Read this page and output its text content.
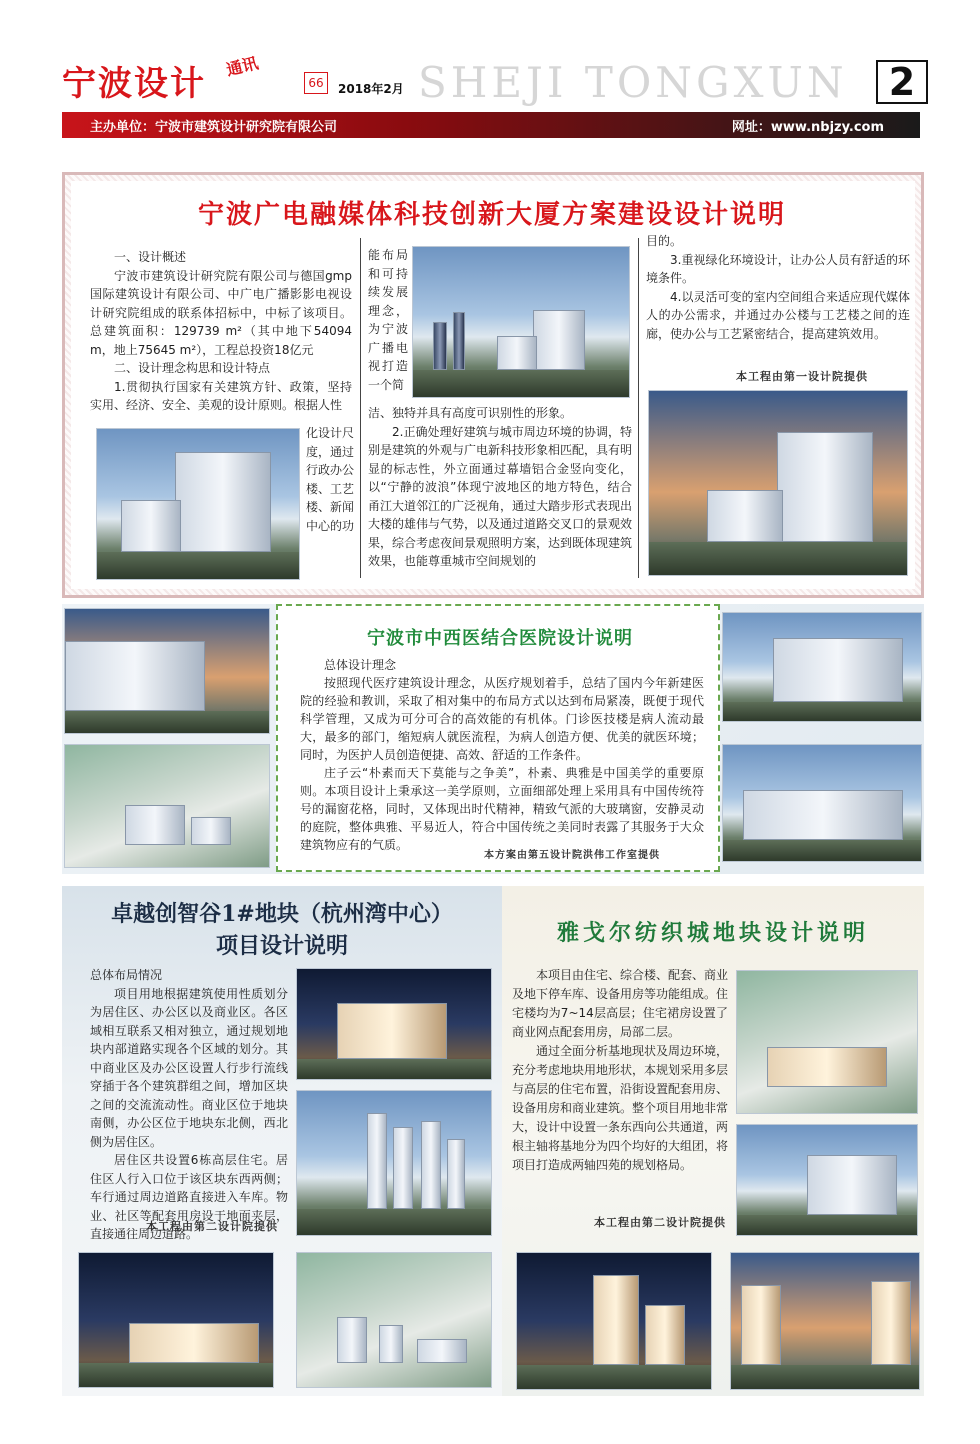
宁波设计 通讯
66	2018年2月 SHEJI TONGXUN	2
主办单位：宁波市建筑设计研究院有限公司	网址：www.nbjzy.com
宁波广电融媒体科技创新大厦方案建设设计说明
一、设计概述
宁波市建筑设计研究院有限公司与德国gmp国际建筑设计有限公司、中广电广播影影电视设计研究院组成的联系体招标中，中标了该项目。总建筑面积：129739 m²（其中地下54094 m，地上75645 m²），工程总投资18亿元
二、设计理念构思和设计特点
1.贯彻执行国家有关建筑方针、政策，坚持实用、经济、安全、美观的设计原则。根据人性
化设计尺度，通过行政办公楼、工艺楼、新闻中心的功
能布局和可持续发展理念，为宁波广播电视打造一个简
洁、独特并具有高度可识别性的形象。
2.正确处理好建筑与城市周边环境的协调，特别是建筑的外观与广电新科技形象相匹配，具有明显的标志性，外立面通过幕墙铝合金竖向变化，以“宁静的波浪”体现宁波地区的地方特色，结合甬江大道邻江的广泛视角，通过大踏步形式表现出大楼的雄伟与气势，以及通过道路交叉口的景观效果，综合考虑夜间景观照明方案，达到既体现建筑效果，也能尊重城市空间规划的
目的。
3.重视绿化环境设计，让办公人员有舒适的环境条件。
4.以灵活可变的室内空间组合来适应现代媒体人的办公需求，并通过办公楼与工艺楼之间的连廊，使办公与工艺紧密结合，提高建筑效用。
本工程由第一设计院提供
宁波市中西医结合医院设计说明
总体设计理念
按照现代医疗建筑设计理念，从医疗规划着手，总结了国内今年新建医院的经验和教训，采取了相对集中的布局方式以达到布局紧凑，既便于现代科学管理，又成为可分可合的高效能的有机体。门诊医技楼是病人流动最大，最多的部门，缩短病人就医流程，为病人创造方便、优美的就医环境；同时，为医护人员创造便捷、高效、舒适的工作条件。
庄子云“朴素而天下莫能与之争美”，朴素、典雅是中国美学的重要原则。本项目设计上秉承这一美学原则，立面细部处理上采用具有中国传统符号的漏窗花格，同时，又体现出时代精神，精致气派的大玻璃窗，安静灵动的庭院，整体典雅、平易近人，符合中国传统之美同时表露了其服务于大众建筑物应有的气质。
本方案由第五设计院洪伟工作室提供
卓越创智谷1#地块（杭州湾中心）
项目设计说明
总体布局情况
项目用地根据建筑使用性质划分为居住区、办公区以及商业区。各区域相互联系又相对独立，通过规划地块内部道路实现各个区域的划分。其中商业区及办公区设置人行步行流线穿插于各个建筑群组之间，增加区块之间的交流流动性。商业区位于地块南侧，办公区位于地块东北侧，西北侧为居住区。
居住区共设置6栋高层住宅。居住区人行入口位于该区块东西两侧；车行通过周边道路直接进入车库。物业、社区等配套用房设于地面夹层，直接通往周边道路。
本工程由第二设计院提供
雅戈尔纺织城地块设计说明
本项目由住宅、综合楼、配套、商业及地下停车库、设备用房等功能组成。住宅楼均为7~14层高层；住宅裙房设置了商业网点配套用房，局部二层。
通过全面分析基地现状及周边环境，充分考虑地块用地形状，本规划采用多层与高层的住宅布置，沿街设置配套用房、设备用房和商业建筑。整个项目用地非常大，设计中设置一条东西向公共通道，两根主轴将基地分为四个均好的大组团，将项目打造成两轴四苑的规划格局。
本工程由第二设计院提供
